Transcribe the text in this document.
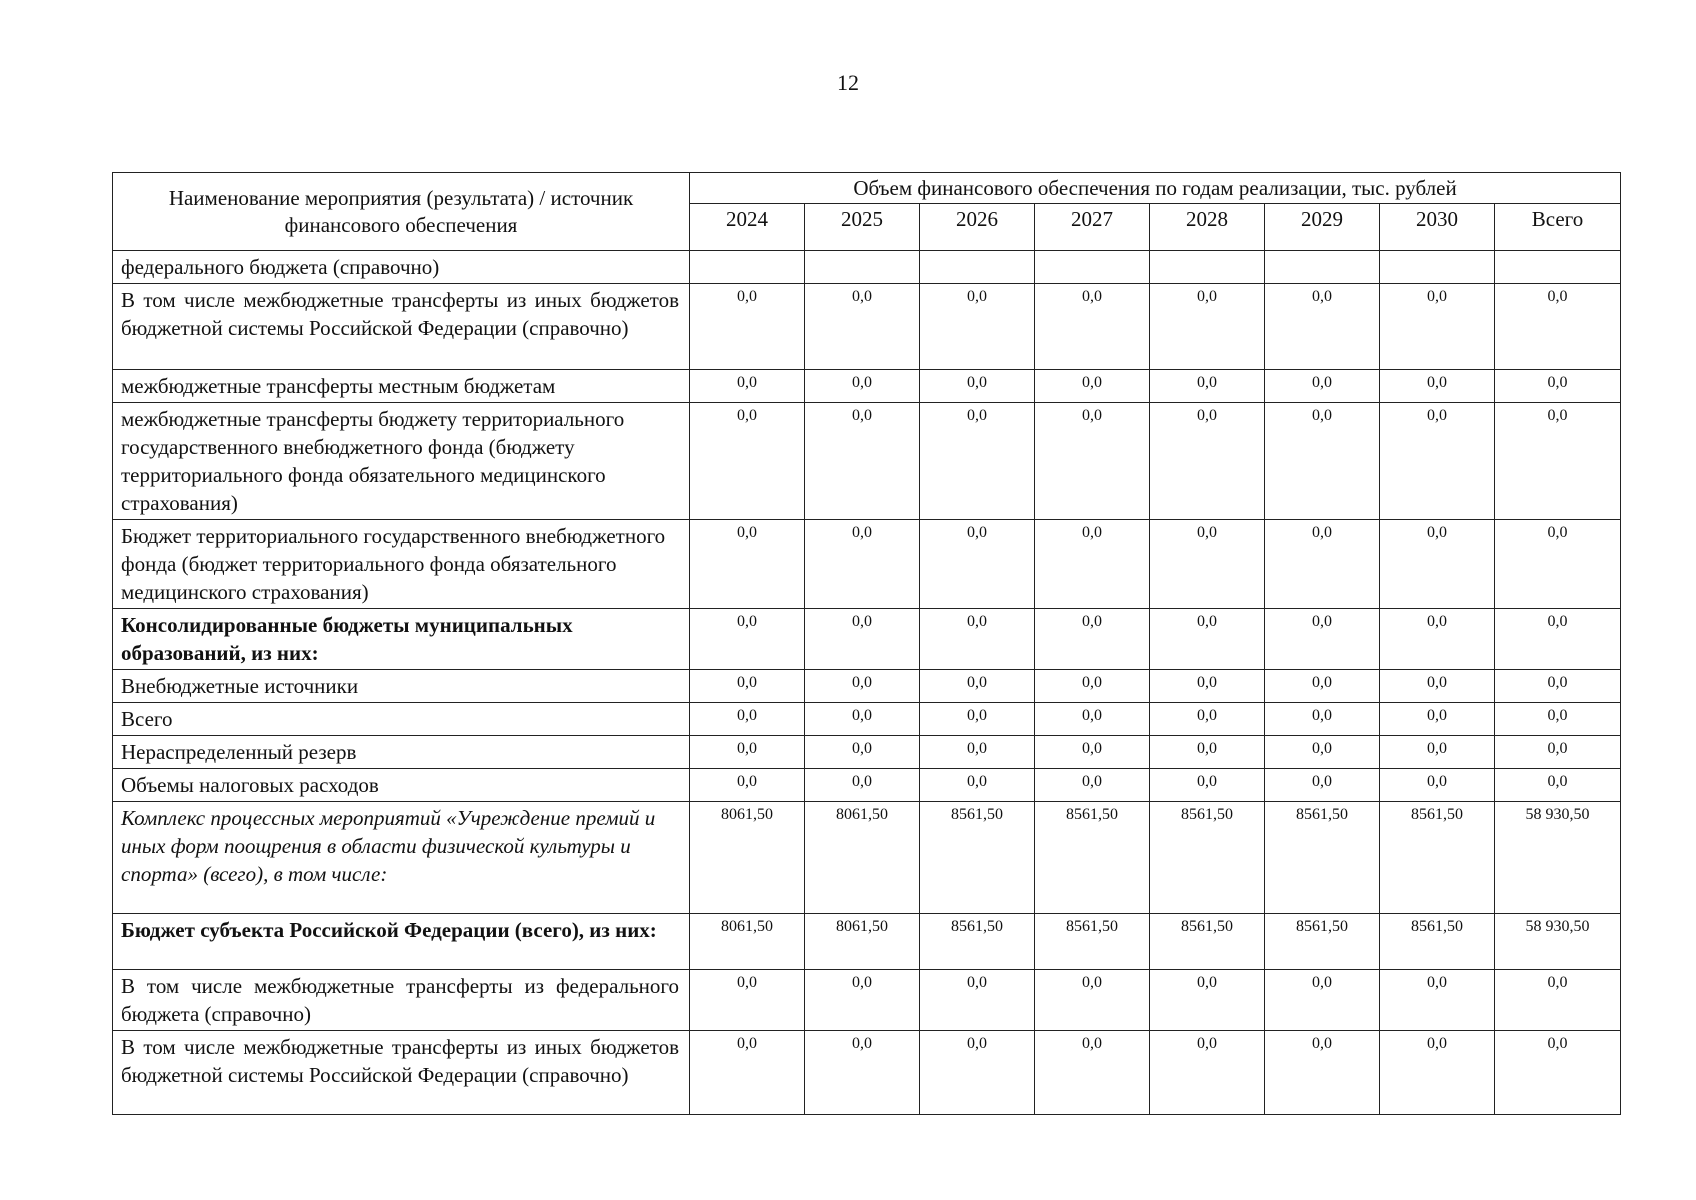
12
Наименование мероприятия (результата) / источник финансового обеспечения	Объем финансового обеспечения по годам реализации, тыс. рублей							
	2024	2025	2026	2027	2028	2029	2030	Всего
федерального бюджета (справочно)								
В том числе межбюджетные трансферты из иных бюджетов бюджетной системы Российской Федерации (справочно)	0,0	0,0	0,0	0,0	0,0	0,0	0,0	0,0
межбюджетные трансферты местным бюджетам	0,0	0,0	0,0	0,0	0,0	0,0	0,0	0,0
межбюджетные трансферты бюджету территориального государственного внебюджетного фонда (бюджету территориального фонда обязательного медицинского страхования)	0,0	0,0	0,0	0,0	0,0	0,0	0,0	0,0
Бюджет территориального государственного внебюджетного фонда (бюджет территориального фонда обязательного медицинского страхования)	0,0	0,0	0,0	0,0	0,0	0,0	0,0	0,0
Консолидированные бюджеты муниципальных образований, из них:	0,0	0,0	0,0	0,0	0,0	0,0	0,0	0,0
Внебюджетные источники	0,0	0,0	0,0	0,0	0,0	0,0	0,0	0,0
Всего	0,0	0,0	0,0	0,0	0,0	0,0	0,0	0,0
Нераспределенный резерв	0,0	0,0	0,0	0,0	0,0	0,0	0,0	0,0
Объемы налоговых расходов	0,0	0,0	0,0	0,0	0,0	0,0	0,0	0,0
Комплекс процессных мероприятий «Учреждение премий и иных форм поощрения в области физической культуры и спорта» (всего), в том числе:	8061,50	8061,50	8561,50	8561,50	8561,50	8561,50	8561,50	58 930,50
Бюджет субъекта Российской Федерации (всего), из них:	8061,50	8061,50	8561,50	8561,50	8561,50	8561,50	8561,50	58 930,50
В том числе межбюджетные трансферты из федерального бюджета (справочно)	0,0	0,0	0,0	0,0	0,0	0,0	0,0	0,0
В том числе межбюджетные трансферты из иных бюджетов бюджетной системы Российской Федерации (справочно)	0,0	0,0	0,0	0,0	0,0	0,0	0,0	0,0
